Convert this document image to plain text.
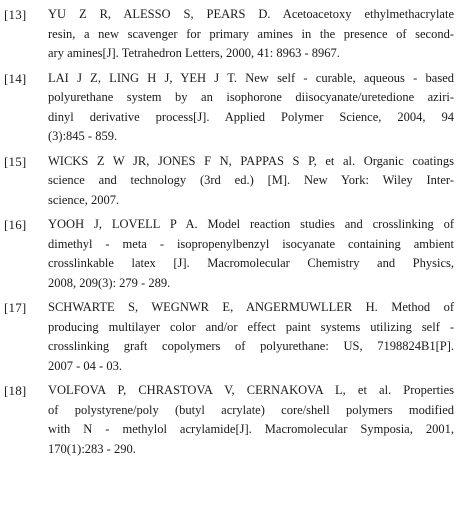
[13]	YU Z R, ALESSO S, PEARS D. Acetoacetoxy ethylmethacrylate
resin, a new scavenger for primary amines in the presence of second-
ary amines[J]. Tetrahedron Letters, 2000, 41: 8963 - 8967.
[14]	LAI J Z, LING H J, YEH J T. New self - curable, aqueous - based
polyurethane system by an isophorone diisocyanate/uretedione aziri-
dinyl derivative process[J]. Applied Polymer Science, 2004, 94
(3):845 - 859.
[15]	WICKS Z W JR, JONES F N, PAPPAS S P, et al. Organic coatings
science and technology (3rd ed.) [M]. New York: Wiley Inter-
science, 2007.
[16]	YOOH J, LOVELL P A. Model reaction studies and crosslinking of
dimethyl - meta - isopropenylbenzyl isocyanate containing ambient
crosslinkable latex [J]. Macromolecular Chemistry and Physics,
2008, 209(3): 279 - 289.
[17]	SCHWARTE S, WEGNWR E, ANGERMUWLLER H. Method of
producing multilayer color and/or effect paint systems utilizing self -
crosslinking graft copolymers of polyurethane: US, 7198824B1[P].
2007 - 04 - 03.
[18]	VOLFOVA P, CHRASTOVA V, CERNAKOVA L, et al. Properties
of polystyrene/poly (butyl acrylate) core/shell polymers modified
with N - methylol acrylamide[J]. Macromolecular Symposia, 2001,
170(1):283 - 290.
